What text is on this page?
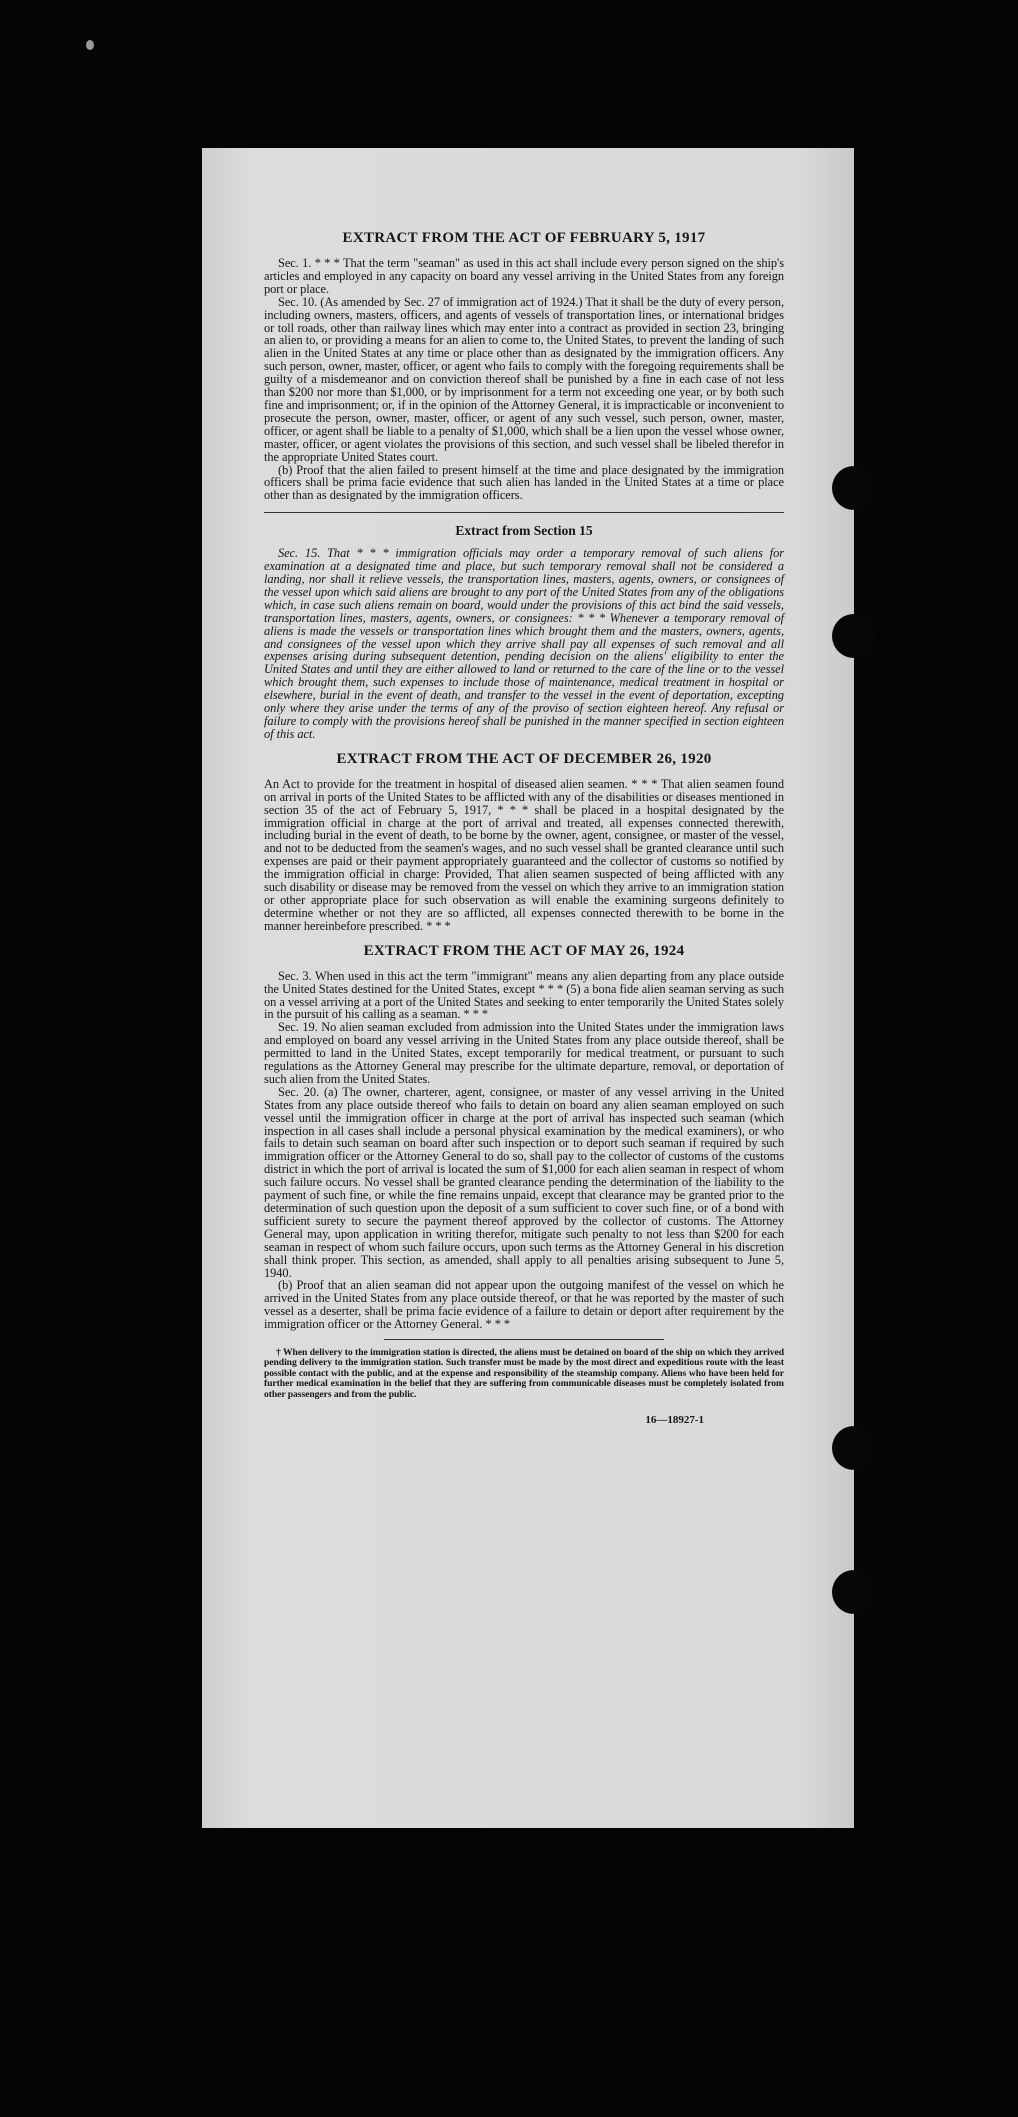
EXTRACT FROM THE ACT OF FEBRUARY 5, 1917

Sec. 1. * * * That the term "seaman" as used in this act shall include every person signed on the ship's articles and employed in any capacity on board any vessel arriving in the United States from any foreign port or place.

Sec. 10. (As amended by Sec. 27 of immigration act of 1924.) That it shall be the duty of every person, including owners, masters, officers, and agents of vessels of transportation lines, or international bridges or toll roads, other than railway lines which may enter into a contract as provided in section 23, bringing an alien to, or providing a means for an alien to come to, the United States, to prevent the landing of such alien in the United States at any time or place other than as designated by the immigration officers. Any such person, owner, master, officer, or agent who fails to comply with the foregoing requirements shall be guilty of a misdemeanor and on conviction thereof shall be punished by a fine in each case of not less than $200 nor more than $1,000, or by imprisonment for a term not exceeding one year, or by both such fine and imprisonment; or, if in the opinion of the Attorney General, it is impracticable or inconvenient to prosecute the person, owner, master, officer, or agent of any such vessel, such person, owner, master, officer, or agent shall be liable to a penalty of $1,000, which shall be a lien upon the vessel whose owner, master, officer, or agent violates the provisions of this section, and such vessel shall be libeled therefor in the appropriate United States court.

(b) Proof that the alien failed to present himself at the time and place designated by the immigration officers shall be prima facie evidence that such alien has landed in the United States at a time or place other than as designated by the immigration officers.

Extract from Section 15

Sec. 15. That * * * immigration officials may order a temporary removal of such aliens for examination at a designated time and place, but such temporary removal shall not be considered a landing, nor shall it relieve vessels, the transportation lines, masters, agents, owners, or consignees of the vessel upon which said aliens are brought to any port of the United States from any of the obligations which, in case such aliens remain on board, would under the provisions of this act bind the said vessels, transportation lines, masters, agents, owners, or consignees: * * * Whenever a temporary removal of aliens is made the vessels or transportation lines which brought them and the masters, owners, agents, and consignees of the vessel upon which they arrive shall pay all expenses of such removal and all expenses arising during subsequent detention, pending decision on the aliens' eligibility to enter the United States and until they are either allowed to land or returned to the care of the line or to the vessel which brought them, such expenses to include those of maintenance, medical treatment in hospital or elsewhere, burial in the event of death, and transfer to the vessel in the event of deportation, excepting only where they arise under the terms of any of the proviso of section eighteen hereof. Any refusal or failure to comply with the provisions hereof shall be punished in the manner specified in section eighteen of this act.

EXTRACT FROM THE ACT OF DECEMBER 26, 1920

An Act to provide for the treatment in hospital of diseased alien seamen. * * * That alien seamen found on arrival in ports of the United States to be afflicted with any of the disabilities or diseases mentioned in section 35 of the act of February 5, 1917, * * * shall be placed in a hospital designated by the immigration official in charge at the port of arrival and treated, all expenses connected therewith, including burial in the event of death, to be borne by the owner, agent, consignee, or master of the vessel, and not to be deducted from the seamen's wages, and no such vessel shall be granted clearance until such expenses are paid or their payment appropriately guaranteed and the collector of customs so notified by the immigration official in charge: Provided, That alien seamen suspected of being afflicted with any such disability or disease may be removed from the vessel on which they arrive to an immigration station or other appropriate place for such observation as will enable the examining surgeons definitely to determine whether or not they are so afflicted, all expenses connected therewith to be borne in the manner hereinbefore prescribed. * * *

EXTRACT FROM THE ACT OF MAY 26, 1924

Sec. 3. When used in this act the term "immigrant" means any alien departing from any place outside the United States destined for the United States, except * * * (5) a bona fide alien seaman serving as such on a vessel arriving at a port of the United States and seeking to enter temporarily the United States solely in the pursuit of his calling as a seaman. * * *

Sec. 19. No alien seaman excluded from admission into the United States under the immigration laws and employed on board any vessel arriving in the United States from any place outside thereof, shall be permitted to land in the United States, except temporarily for medical treatment, or pursuant to such regulations as the Attorney General may prescribe for the ultimate departure, removal, or deportation of such alien from the United States.

Sec. 20. (a) The owner, charterer, agent, consignee, or master of any vessel arriving in the United States from any place outside thereof who fails to detain on board any alien seaman employed on such vessel until the immigration officer in charge at the port of arrival has inspected such seaman (which inspection in all cases shall include a personal physical examination by the medical examiners), or who fails to detain such seaman on board after such inspection or to deport such seaman if required by such immigration officer or the Attorney General to do so, shall pay to the collector of customs of the customs district in which the port of arrival is located the sum of $1,000 for each alien seaman in respect of whom such failure occurs. No vessel shall be granted clearance pending the determination of the liability to the payment of such fine, or while the fine remains unpaid, except that clearance may be granted prior to the determination of such question upon the deposit of a sum sufficient to cover such fine, or of a bond with sufficient surety to secure the payment thereof approved by the collector of customs. The Attorney General may, upon application in writing therefor, mitigate such penalty to not less than $200 for each seaman in respect of whom such failure occurs, upon such terms as the Attorney General in his discretion shall think proper. This section, as amended, shall apply to all penalties arising subsequent to June 5, 1940.

(b) Proof that an alien seaman did not appear upon the outgoing manifest of the vessel on which he arrived in the United States from any place outside thereof, or that he was reported by the master of such vessel as a deserter, shall be prima facie evidence of a failure to detain or deport after requirement by the immigration officer or the Attorney General. * * *

† When delivery to the immigration station is directed, the aliens must be detained on board of the ship on which they arrived pending delivery to the immigration station. Such transfer must be made by the most direct and expeditious route with the least possible contact with the public, and at the expense and responsibility of the steamship company. Aliens who have been held for further medical examination in the belief that they are suffering from communicable diseases must be completely isolated from other passengers and from the public.

16—18927-1
